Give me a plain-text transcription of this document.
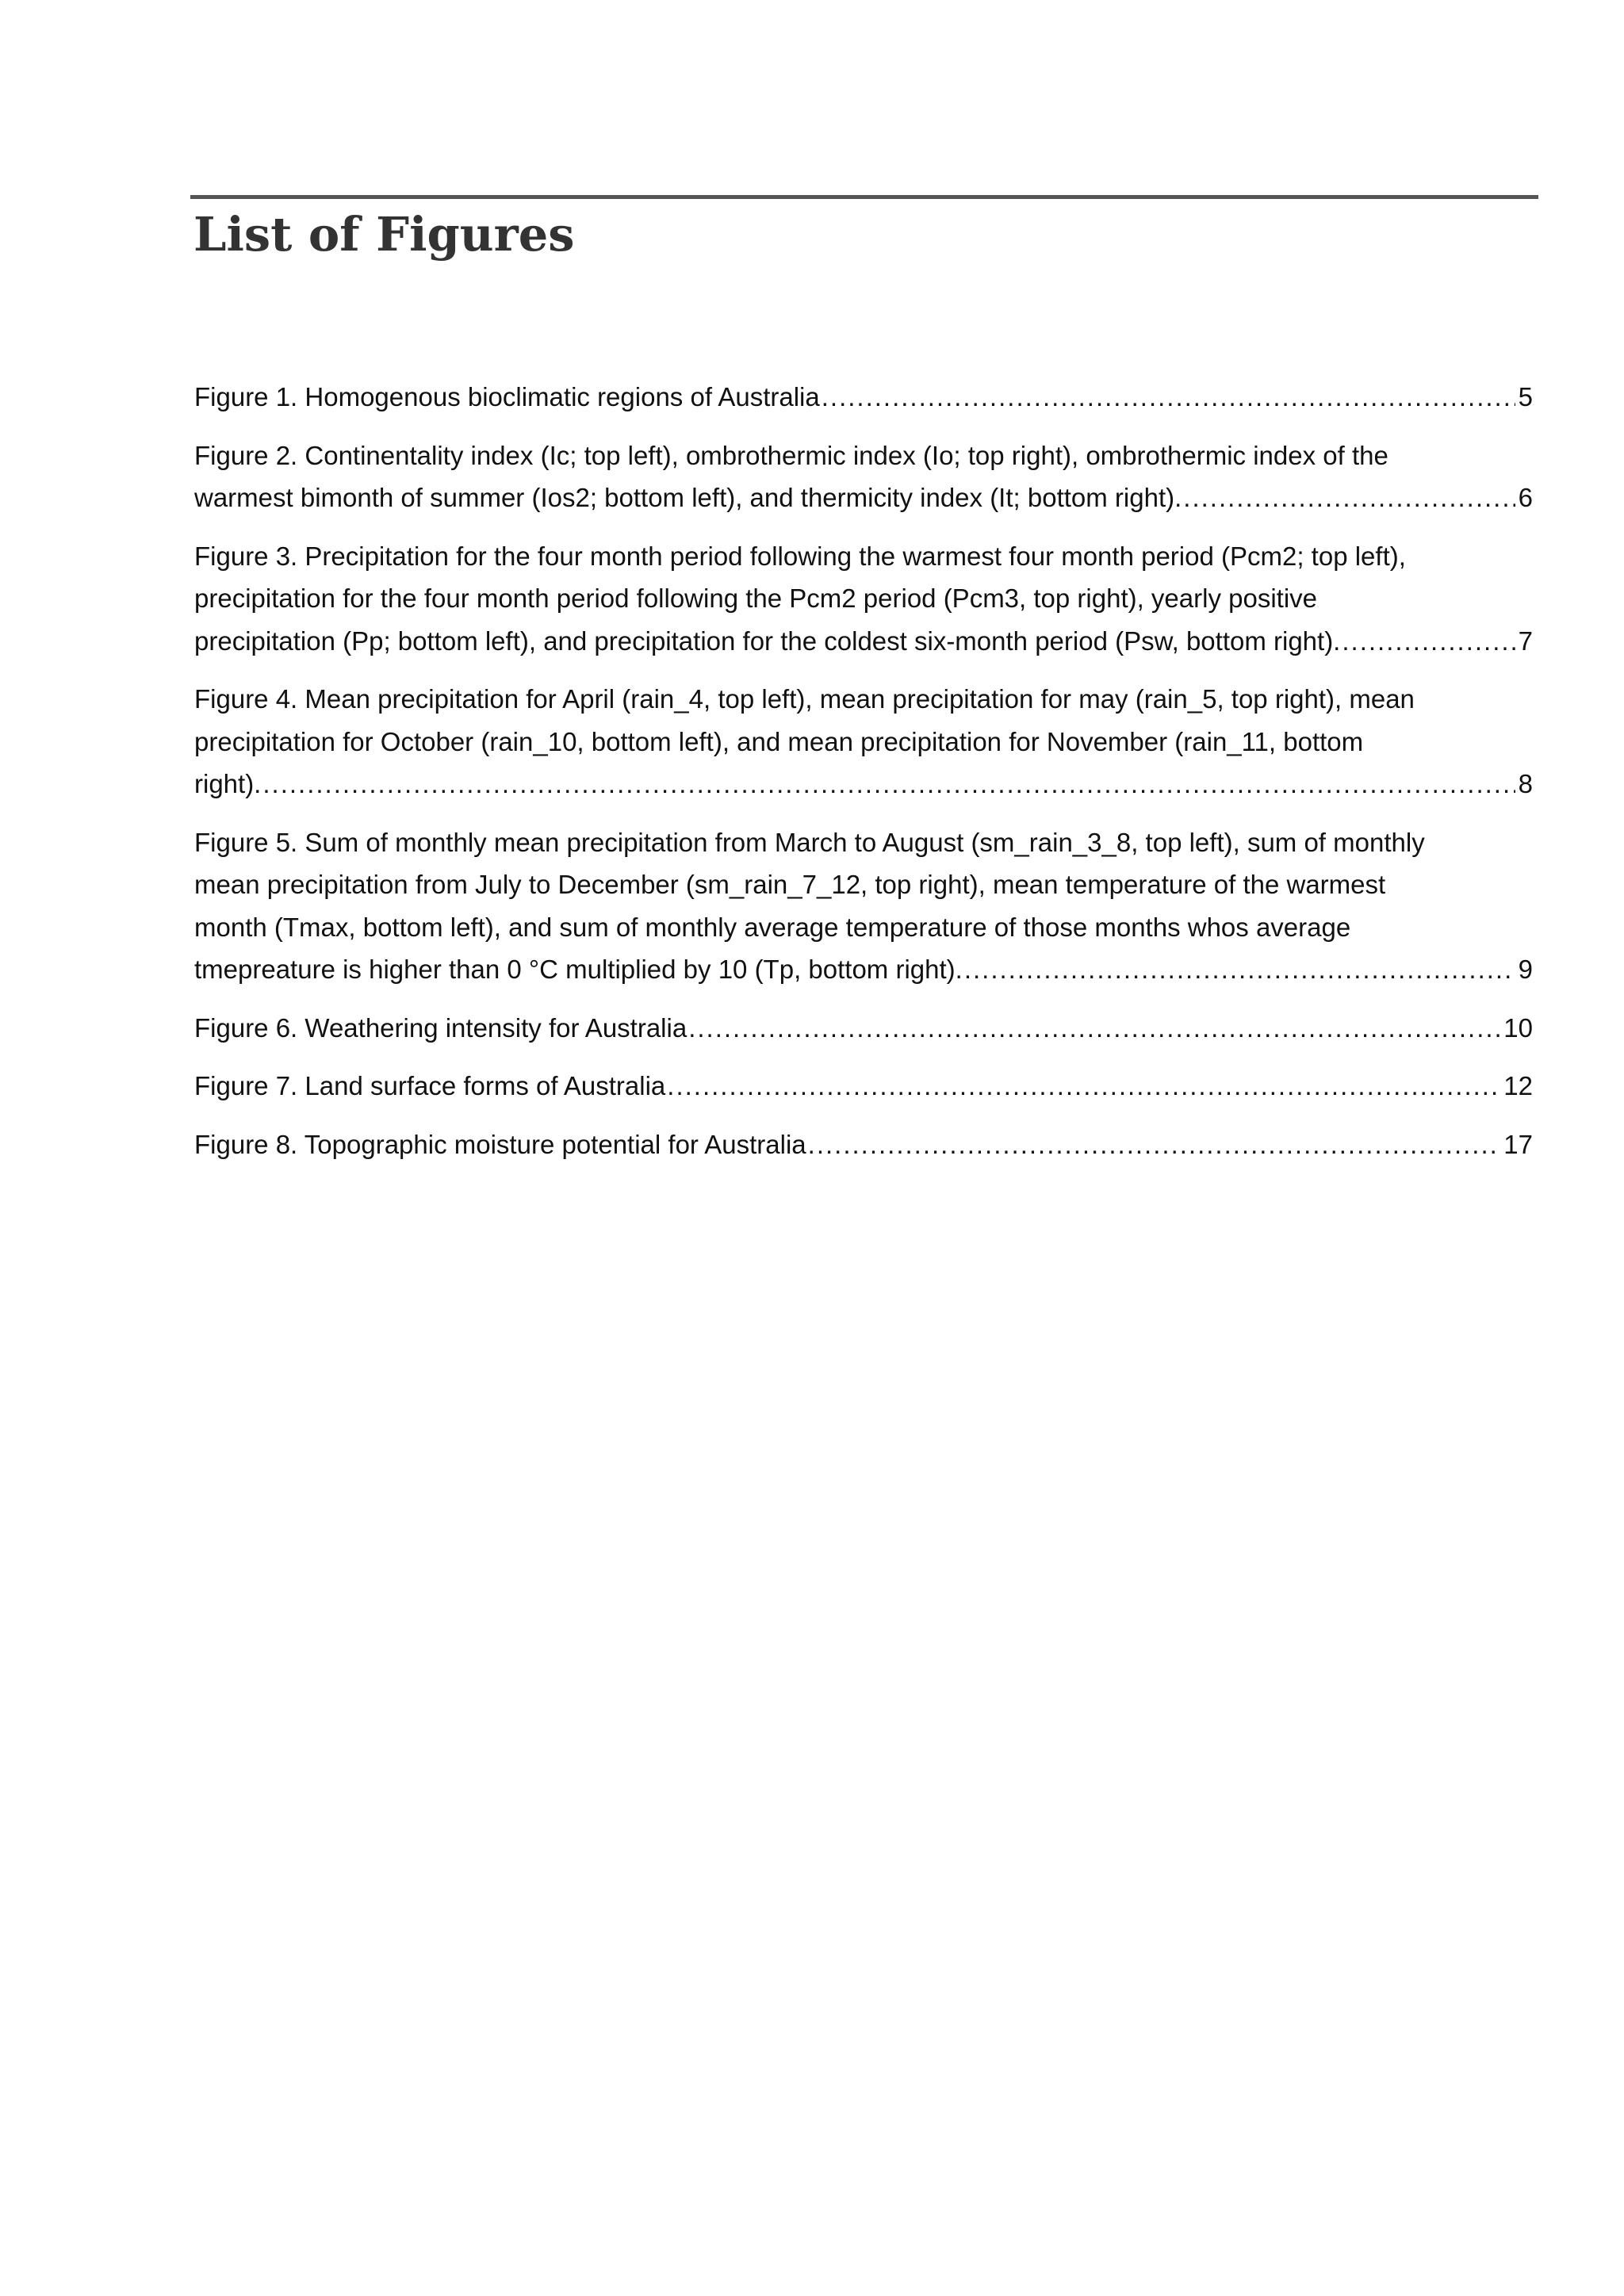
List of Figures
Figure 1. Homogenous bioclimatic regions of Australia .....	5
Figure 2. Continentality index (Ic; top left), ombrothermic index (Io; top right), ombrothermic index of the
warmest bimonth of summer (Ios2; bottom left), and thermicity index (It; bottom right). .....	6
Figure 3. Precipitation for the four month period following the warmest four month period (Pcm2; top left),
precipitation for the four month period following the Pcm2 period (Pcm3, top right), yearly positive
precipitation (Pp; bottom left), and precipitation for the coldest six-month period (Psw, bottom right). .....	7
Figure 4. Mean precipitation for April (rain_4, top left), mean precipitation for may (rain_5, top right), mean
precipitation for October (rain_10, bottom left), and mean precipitation for November (rain_11, bottom
right). .....	8
Figure 5. Sum of monthly mean precipitation from March to August (sm_rain_3_8, top left), sum of monthly
mean precipitation from July to December (sm_rain_7_12, top right), mean temperature of the warmest
month (Tmax, bottom left), and sum of monthly average temperature of those months whos average
tmepreature is higher than 0 °C multiplied by 10 (Tp, bottom right). .....	9
Figure 6. Weathering intensity for Australia .....	10
Figure 7. Land surface forms of Australia .....	12
Figure 8. Topographic moisture potential for Australia .....	17
